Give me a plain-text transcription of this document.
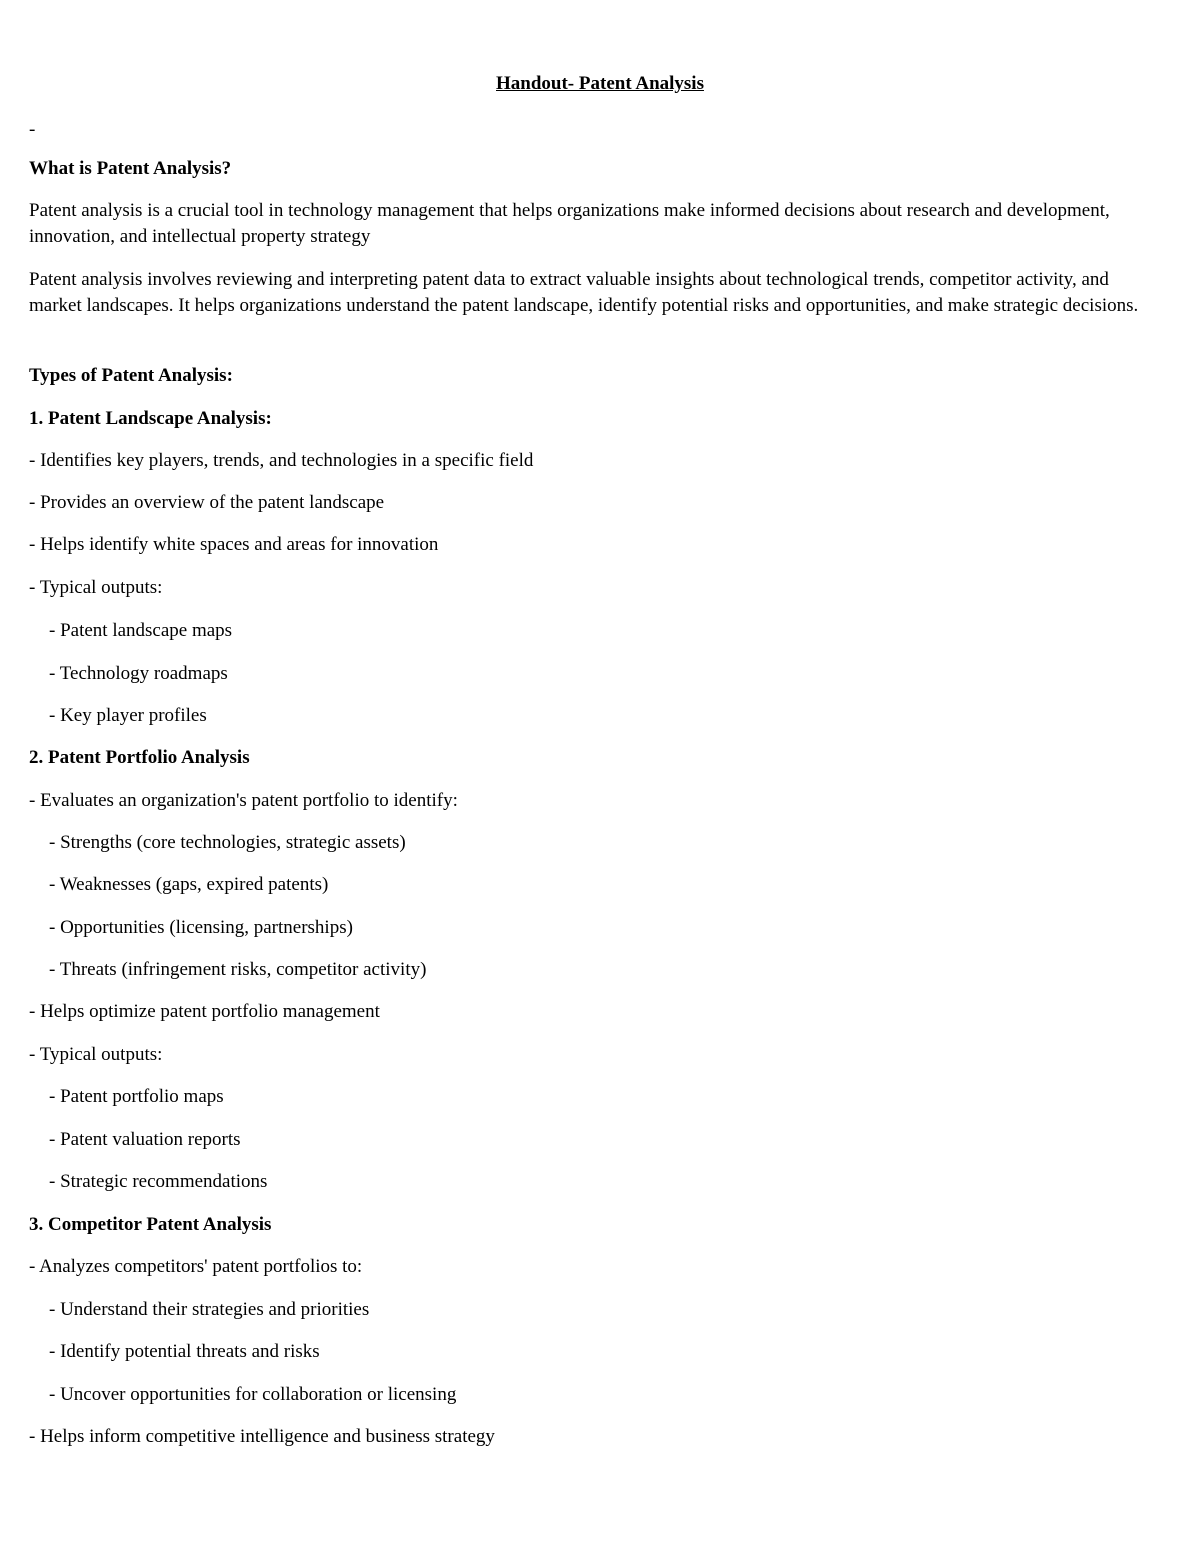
Handout- Patent Analysis
-
What is Patent Analysis?
Patent analysis is a crucial tool in technology management that helps organizations make informed decisions about research and development, innovation, and intellectual property strategy
Patent analysis involves reviewing and interpreting patent data to extract valuable insights about technological trends, competitor activity, and market landscapes. It helps organizations understand the patent landscape, identify potential risks and opportunities, and make strategic decisions.
Types of Patent Analysis:
1. Patent Landscape Analysis:
- Identifies key players, trends, and technologies in a specific field
- Provides an overview of the patent landscape
- Helps identify white spaces and areas for innovation
- Typical outputs:
- Patent landscape maps
- Technology roadmaps
- Key player profiles
2. Patent Portfolio Analysis
- Evaluates an organization's patent portfolio to identify:
- Strengths (core technologies, strategic assets)
- Weaknesses (gaps, expired patents)
- Opportunities (licensing, partnerships)
- Threats (infringement risks, competitor activity)
- Helps optimize patent portfolio management
- Typical outputs:
- Patent portfolio maps
- Patent valuation reports
- Strategic recommendations
3. Competitor Patent Analysis
- Analyzes competitors' patent portfolios to:
- Understand their strategies and priorities
- Identify potential threats and risks
- Uncover opportunities for collaboration or licensing
- Helps inform competitive intelligence and business strategy
